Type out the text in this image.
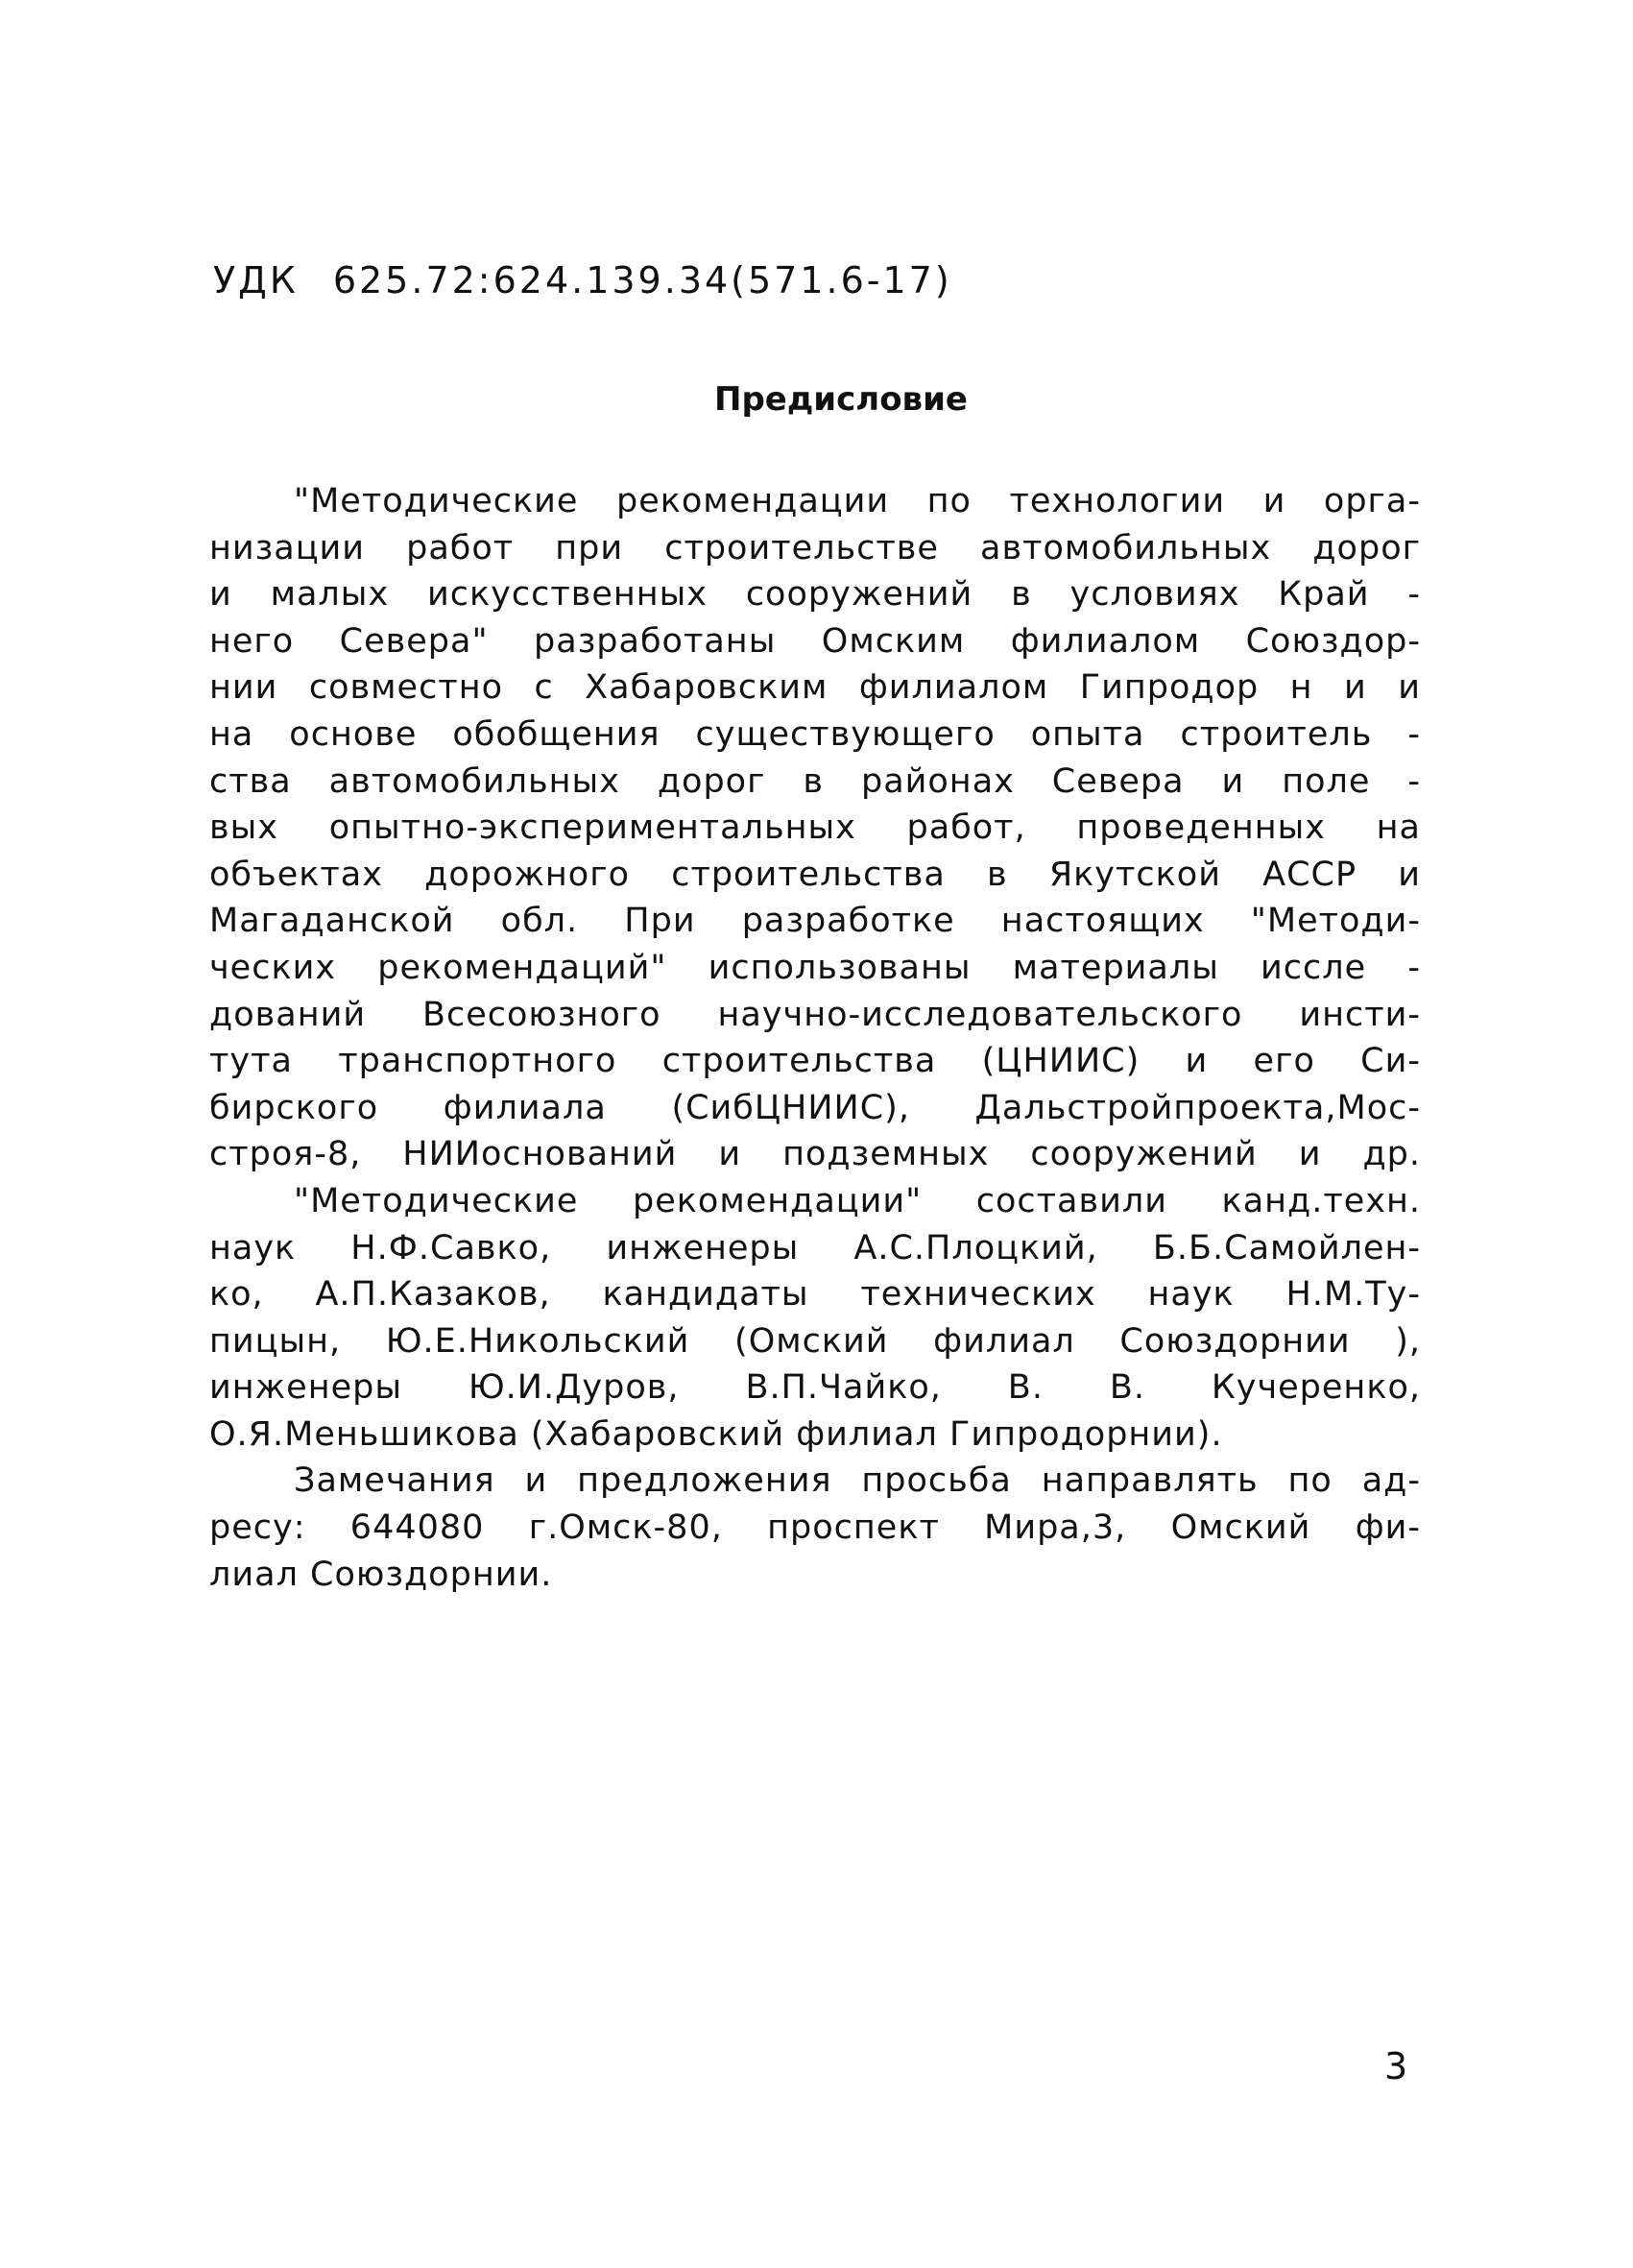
УДК 625.72:624.139.34(571.6-17)
Предисловие
"Методические рекомендации по технологии и орга-
низации работ при строительстве автомобильных дорог
и малых искусственных сооружений в условиях Край -
него Севера" разработаны Омским филиалом Союздор-
нии совместно с Хабаровским филиалом Гипродор н и и
на основе обобщения существующего опыта строитель -
ства автомобильных дорог в районах Севера и поле -
вых опытно-экспериментальных работ, проведенных на
объектах дорожного строительства в Якутской АССР и
Магаданской обл. При разработке настоящих "Методи-
ческих рекомендаций" использованы материалы иссле -
дований Всесоюзного научно-исследовательского инсти-
тута транспортного строительства (ЦНИИС) и его Си-
бирского филиала (СибЦНИИС), Дальстройпроекта,Мос-
строя-8, НИИоснований и подземных сооружений и др.
"Методические рекомендации" составили канд.техн.
наук Н.Ф.Савко, инженеры А.С.Плоцкий, Б.Б.Самойлен-
ко, А.П.Казаков, кандидаты технических наук Н.М.Ту-
пицын, Ю.Е.Никольский (Омский филиал Союздорнии ),
инженеры Ю.И.Дуров, В.П.Чайко, В. В. Кучеренко,
О.Я.Меньшикова (Хабаровский филиал Гипродорнии).
Замечания и предложения просьба направлять по ад-
ресу: 644080 г.Омск-80, проспект Мира,3, Омский фи-
лиал Союздорнии.
3
